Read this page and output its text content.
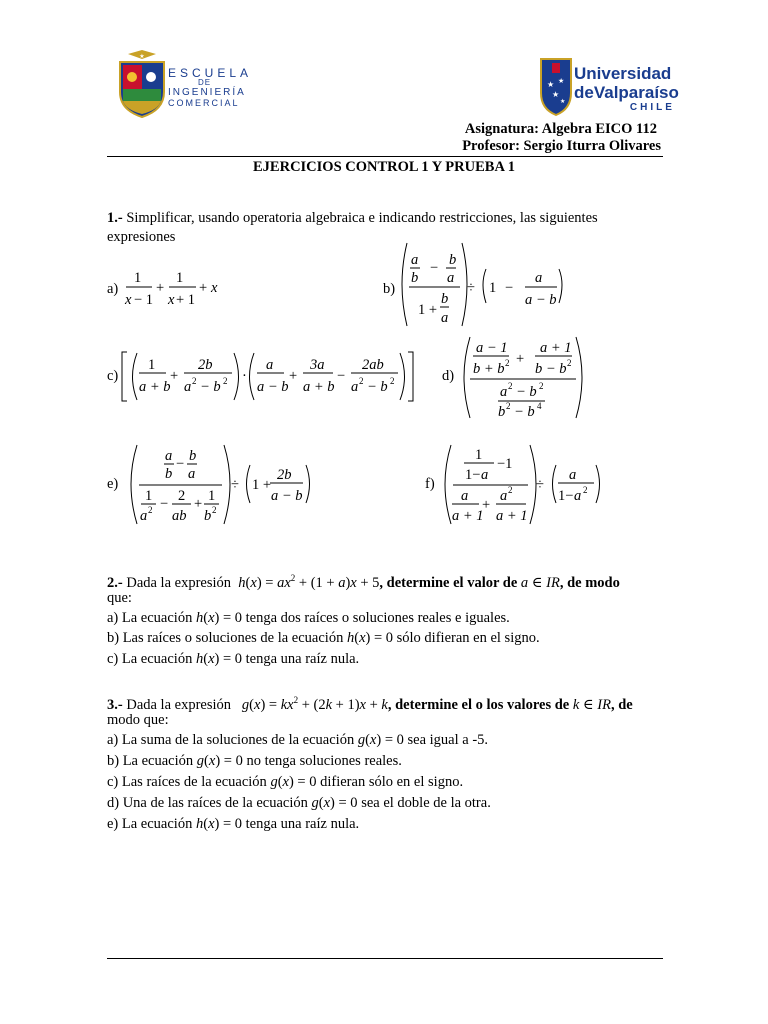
★
ESCUELA
DE
INGENIERÍA
COMERCIAL
★ ★
★
★
Universidad
deValparaíso
CHILE
Asignatura: Algebra EICO 112
Profesor: Sergio Iturra Olivares
EJERCICIOS CONTROL 1 Y PRUEBA 1
1.- Simplificar, usando operatoria algebraica e indicando restricciones, las siguientes
expresiones
a)	b)
c)	d)
e)	f)
1
x − 1
+
1
x + 1
+ x
a
b
− b
a
1 +
b
a
÷ 1 −
a
a − b
1
a + b
+
2b
a 2 − b 2 ·
a
a − b
+
3a
a + b
−
2ab
a 2 − b 2
a − 1
b + b 2 +
a + 1
b − b 2
a 2 − b 2
b 2 − b 4
a
b
− b
a
1
a 2 − 2
ab
+ 1
b 2
÷ 1 +
2b
a − b
1
1− a
−1
a
a + 1
+
a 2
a + 1
÷
a
1− a 2
2.- Dada la expresión  $h(x) = ax^2 + (1 + a)x + 5$, determine el valor de a ∈ IR, de modo
que:
a) La ecuación h(x) = 0 tenga dos raíces o soluciones reales e iguales.
b) Las raíces o soluciones de la ecuación h(x) = 0 sólo difieran en el signo.
c) La ecuación h(x) = 0 tenga una raíz nula.
3.- Dada la expresión   $g(x) = kx^2 + (2k + 1)x + k$, determine el o los valores de k ∈ IR, de
modo que:
a) La suma de la soluciones de la ecuación g(x) = 0 sea igual a -5.
b) La ecuación g(x) = 0 no tenga soluciones reales.
c) Las raíces de la ecuación g(x) = 0 difieran sólo en el signo.
d) Una de las raíces de la ecuación g(x) = 0 sea el doble de la otra.
e) La ecuación h(x) = 0 tenga una raíz nula.
